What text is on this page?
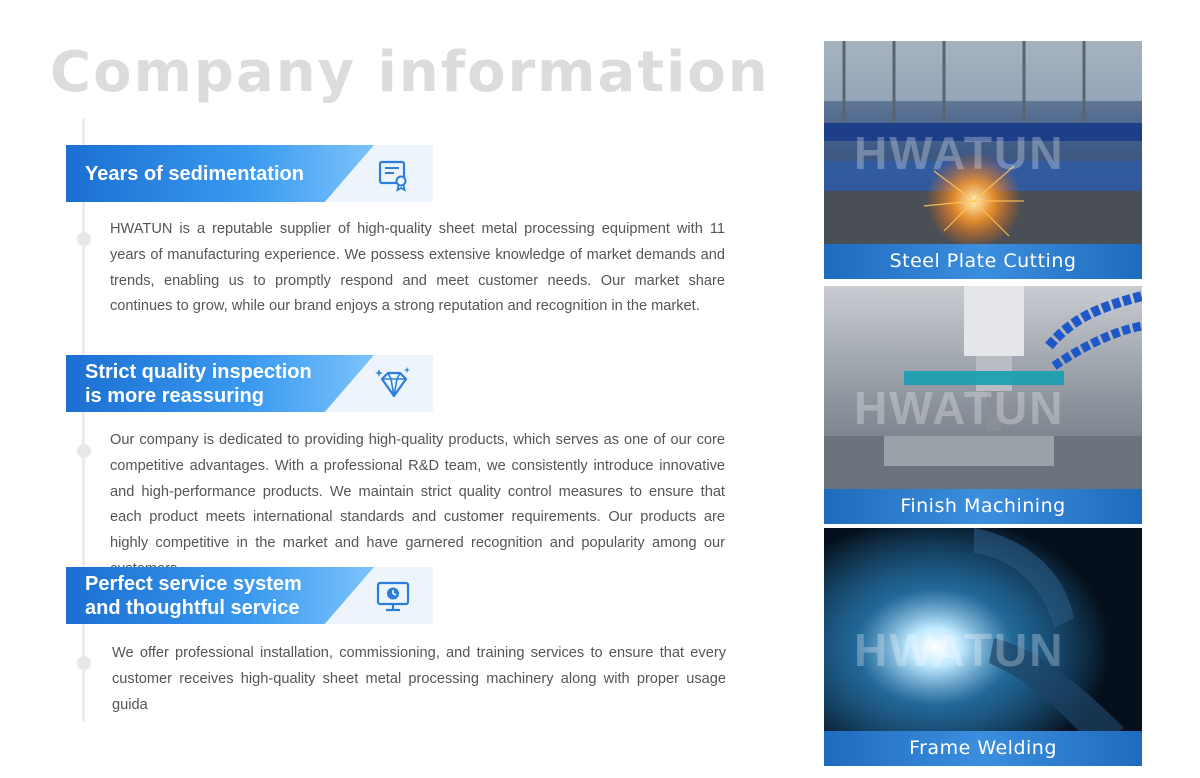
Company information
Years of sedimentation

HWATUN is a reputable supplier of high-quality sheet metal processing equipment with 11 years of manufacturing experience. We possess extensive knowledge of market demands and trends, enabling us to promptly respond and meet customer needs. Our market share continues to grow, while our brand enjoys a strong reputation and recognition in the market.

Strict quality inspection
is more reassuring

Our company is dedicated to providing high-quality products, which serves as one of our core competitive advantages. With a professional R&D team, we consistently introduce innovative and high-performance products. We maintain strict quality control measures to ensure that each product meets international standards and customer requirements. Our products are highly competitive in the market and have garnered recognition and popularity among our

Perfect service system
and thoughtful service

We offer professional installation, commissioning, and training services to ensure that every customer receives high-quality sheet metal processing machinery along with proper usage guida

HWATUN
Steel Plate Cutting
HWATUN
Finish Machining
HWATUN
Frame Welding
